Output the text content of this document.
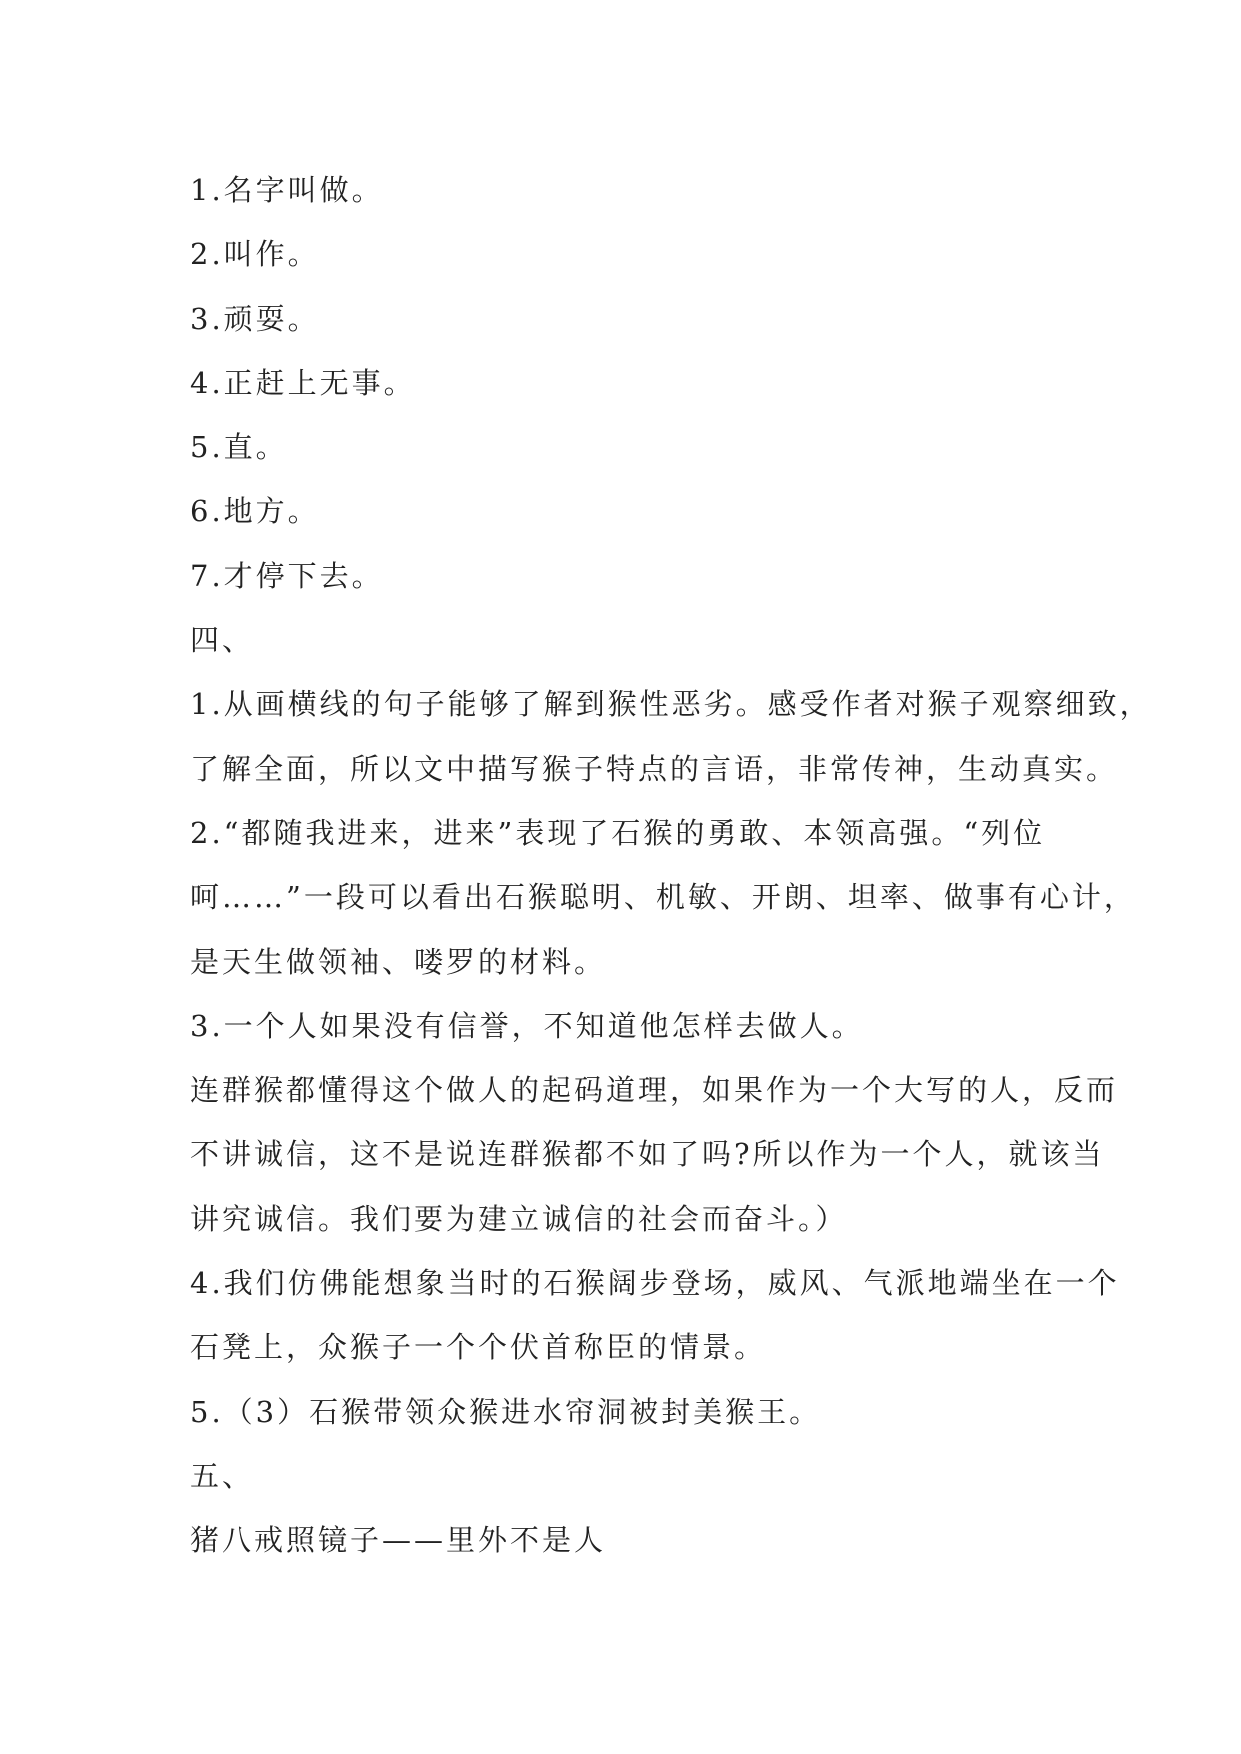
1.名字叫做。

2.叫作。

3.顽耍。

4.正赶上无事。

5.直。

6.地方。

7.才停下去。

四、

1.从画横线的句子能够了解到猴性恶劣。感受作者对猴子观察细致，

了解全面，所以文中描写猴子特点的言语，非常传神，生动真实。

2.“都随我进来，进来”表现了石猴的勇敢、本领高强。“列位

呵……”一段可以看出石猴聪明、机敏、开朗、坦率、做事有心计，

是天生做领袖、喽罗的材料。

3.一个人如果没有信誉，不知道他怎样去做人。

连群猴都懂得这个做人的起码道理，如果作为一个大写的人，反而

不讲诚信，这不是说连群猴都不如了吗?所以作为一个人，就该当

讲究诚信。我们要为建立诚信的社会而奋斗。）

4.我们仿佛能想象当时的石猴阔步登场，威风、气派地端坐在一个

石凳上，众猴子一个个伏首称臣的情景。

5.（3）石猴带领众猴进水帘洞被封美猴王。

五、

猪八戒照镜子——里外不是人
